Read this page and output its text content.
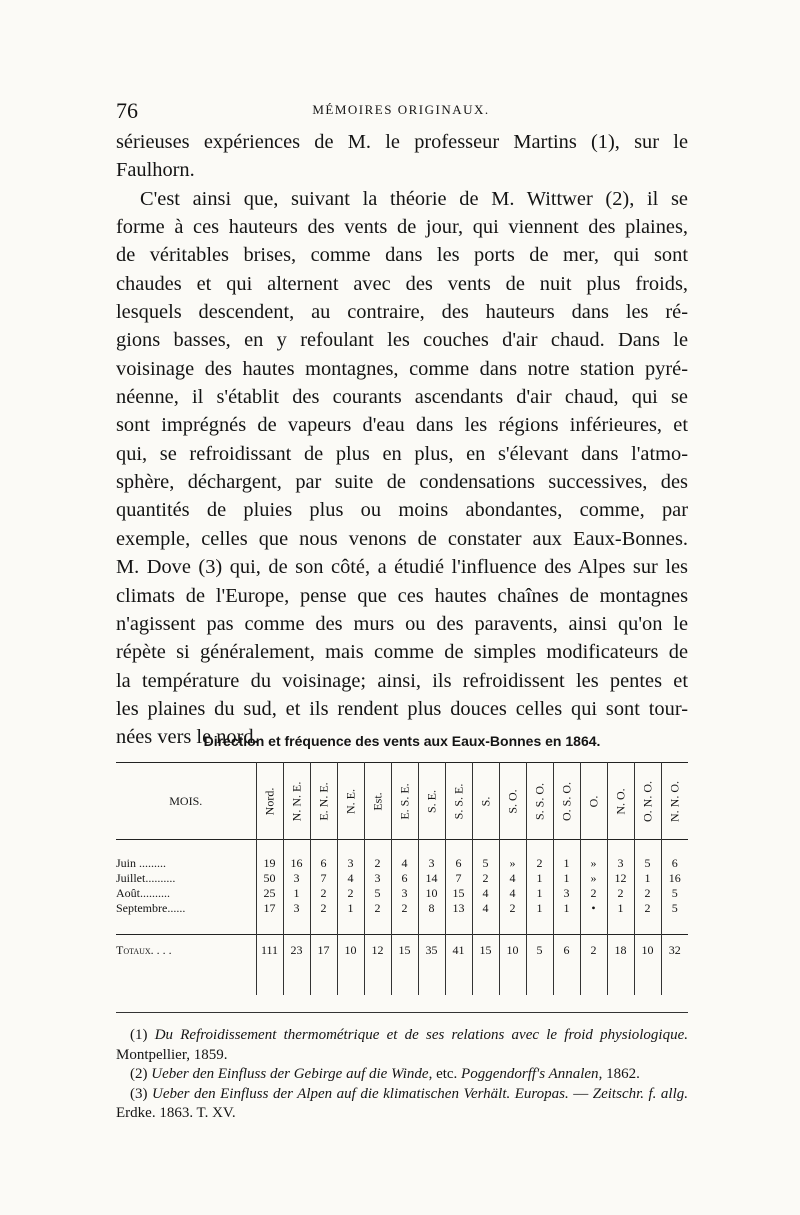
76	MÉMOIRES ORIGINAUX.

sérieuses expériences de M. le professeur Martins (1), sur le

Faulhorn.

C'est ainsi que, suivant la théorie de M. Wittwer (2), il se

forme à ces hauteurs des vents de jour, qui viennent des plaines,

de véritables brises, comme dans les ports de mer, qui sont

chaudes et qui alternent avec des vents de nuit plus froids,

lesquels descendent, au contraire, des hauteurs dans les ré-

gions basses, en y refoulant les couches d'air chaud. Dans le

voisinage des hautes montagnes, comme dans notre station pyré-

néenne, il s'établit des courants ascendants d'air chaud, qui se

sont imprégnés de vapeurs d'eau dans les régions inférieures, et

qui, se refroidissant de plus en plus, en s'élevant dans l'atmo-

sphère, déchargent, par suite de condensations successives, des

quantités de pluies plus ou moins abondantes, comme, par

exemple, celles que nous venons de constater aux Eaux-Bonnes.

M. Dove (3) qui, de son côté, a étudié l'influence des Alpes sur les

climats de l'Europe, pense que ces hautes chaînes de montagnes

n'agissent pas comme des murs ou des paravents, ainsi qu'on le

répète si généralement, mais comme de simples modificateurs de

la température du voisinage; ainsi, ils refroidissent les pentes et

les plaines du sud, et ils rendent plus douces celles qui sont tour-

nées vers le nord.

Direction et fréquence des vents aux Eaux-Bonnes en 1864.
MOIS.	Nord.	N. N. E.	E. N. E.	N. E.	Est.	E. S. E.	S. E.	S. S. E.	S.	S. O.	S. S. O.	O. S. O.	O.	N. O.	O. N. O.	N. N. O.

Juin .........	19	16	6	3	2	4	3	6	5	»	2	1	»	3	5	6
Juillet..........	50	3	7	4	3	6	14	7	2	4	1	1	»	12	1	16
Août..........	25	1	2	2	5	3	10	15	4	4	1	3	2	2	2	5
Septembre......	17	3	2	1	2	2	8	13	4	2	1	1	•	1	2	5

Totaux. . . .	111	23	17	10	12	15	35	41	15	10	5	6	2	18	10	32

(1) Du Refroidissement thermométrique et de ses relations avec le froid physiologique. Montpellier, 1859.

(2) Ueber den Einfluss der Gebirge auf die Winde, etc. Poggendorff's Annalen, 1862.

(3) Ueber den Einfluss der Alpen auf die klimatischen Verhält. Europas. — Zeitschr. f. allg. Erdke. 1863. T. XV.
